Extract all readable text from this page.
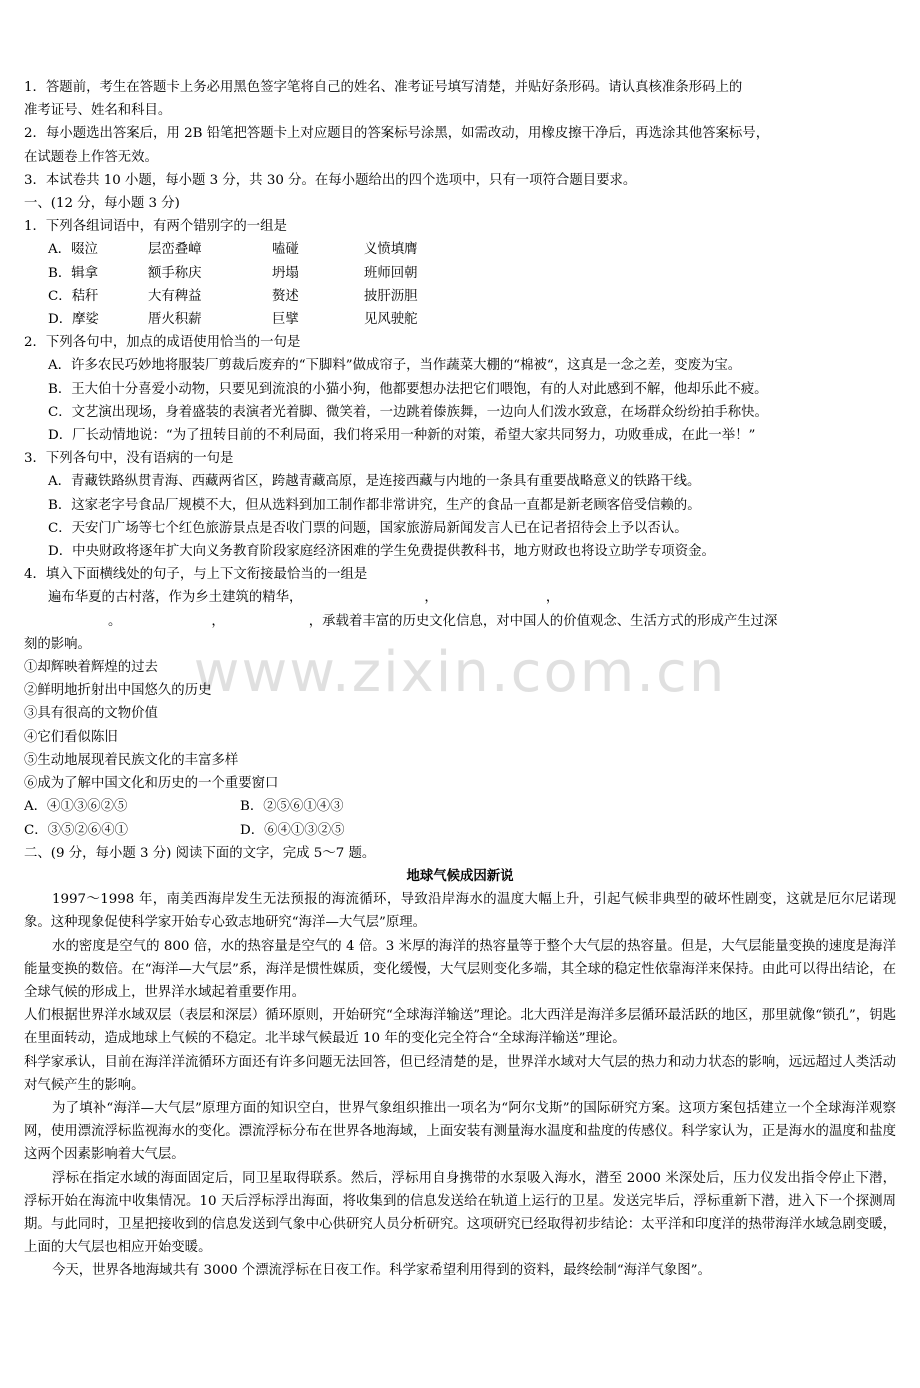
1．答题前，考生在答题卡上务必用黑色签字笔将自己的姓名、准考证号填写清楚，并贴好条形码。请认真核准条形码上的

准考证号、姓名和科目。

2．每小题选出答案后，用 2B 铅笔把答题卡上对应题目的答案标号涂黑，如需改动，用橡皮擦干净后，再选涂其他答案标号，

在试题卷上作答无效。

3．本试卷共 10 小题，每小题 3 分，共 30 分。在每小题给出的四个选项中，只有一项符合题目要求。

一、(12 分，每小题 3 分)

1．下列各组词语中，有两个错别字的一组是

A．啜泣	层峦叠嶂	嗑碰	义愤填膺
B．辑拿	额手称庆	坍塌	班师回朝
C．秸秆	大有稗益	赘述	披肝沥胆
D．摩娑	厝火积薪	巨擘	见风驶舵

2．下列各句中，加点的成语使用恰当的一句是

A．许多农民巧妙地将服装厂剪裁后废弃的“下脚料”做成帘子，当作蔬菜大棚的“棉被“，这真是一念之差，变废为宝。

B．王大伯十分喜爱小动物，只要见到流浪的小猫小狗，他都要想办法把它们喂饱，有的人对此感到不解，他却乐此不疲。

C．文艺演出现场，身着盛装的表演者光着脚、微笑着，一边跳着傣族舞，一边向人们泼水致意，在场群众纷纷拍手称快。

D．厂长动情地说：“为了扭转目前的不利局面，我们将采用一种新的对策，希望大家共同努力，功败垂成，在此一举！”

3．下列各句中，没有语病的一句是

A．青藏铁路纵贯青海、西藏两省区，跨越青藏高原，是连接西藏与内地的一条具有重要战略意义的铁路干线。

B．这家老字号食品厂规模不大，但从选料到加工制作都非常讲究，生产的食品一直都是新老顾客倍受信赖的。

C．天安门广场等七个红色旅游景点是否收门票的问题，国家旅游局新闻发言人已在记者招待会上予以否认。

D．中央财政将逐年扩大向义务教育阶段家庭经济困难的学生免费提供教科书，地方财政也将设立助学专项资金。

4．填入下面横线处的句子，与上下文衔接最恰当的一组是

遍布华夏的古村落，作为乡土建筑的精华，	，	，

。	，	，承载着丰富的历史文化信息，对中国人的价值观念、生活方式的形成产生过深

刻的影响。

①却辉映着辉煌的过去

②鲜明地折射出中国悠久的历史

③具有很高的文物价值

④它们看似陈旧

⑤生动地展现着民族文化的丰富多样

⑥成为了解中国文化和历史的一个重要窗口

A．④①③⑥②⑤	B．②⑤⑥①④③
C．③⑤②⑥④①	D．⑥④①③②⑤

二、(9 分，每小题 3 分) 阅读下面的文字，完成 5～7 题。

地球气候成因新说

1997～1998 年，南美西海岸发生无法预报的海流循环，导致沿岸海水的温度大幅上升，引起气候非典型的破坏性剧变，这就是厄尔尼诺现象。这种现象促使科学家开始专心致志地研究“海洋—大气层”原理。

水的密度是空气的 800 倍，水的热容量是空气的 4 倍。3 米厚的海洋的热容量等于整个大气层的热容量。但是，大气层能量变换的速度是海洋能量变换的数倍。在“海洋—大气层”系，海洋是惯性媒质，变化缓慢，大气层则变化多端，其全球的稳定性依靠海洋来保持。由此可以得出结论，在全球气候的形成上，世界洋水域起着重要作用。

人们根据世界洋水域双层（表层和深层）循环原则，开始研究“全球海洋输送”理论。北大西洋是海洋多层循环最活跃的地区，那里就像“锁孔”，钥匙在里面转动，造成地球上气候的不稳定。北半球气候最近 10 年的变化完全符合“全球海洋输送”理论。

科学家承认，目前在海洋洋流循环方面还有许多问题无法回答，但已经清楚的是，世界洋水域对大气层的热力和动力状态的影响，远远超过人类活动对气候产生的影响。

为了填补“海洋—大气层”原理方面的知识空白，世界气象组织推出一项名为“阿尔戈斯”的国际研究方案。这项方案包括建立一个全球海洋观察网，使用漂流浮标监视海水的变化。漂流浮标分布在世界各地海域，上面安装有测量海水温度和盐度的传感仪。科学家认为，正是海水的温度和盐度这两个因素影响着大气层。

浮标在指定水域的海面固定后，同卫星取得联系。然后，浮标用自身携带的水泵吸入海水，潜至 2000 米深处后，压力仪发出指令停止下潜，浮标开始在海流中收集情况。10 天后浮标浮出海面，将收集到的信息发送给在轨道上运行的卫星。发送完毕后，浮标重新下潜，进入下一个探测周期。与此同时，卫星把接收到的信息发送到气象中心供研究人员分析研究。这项研究已经取得初步结论：太平洋和印度洋的热带海洋水域急剧变暖，上面的大气层也相应开始变暖。

今天，世界各地海域共有 3000 个漂流浮标在日夜工作。科学家希望利用得到的资料，最终绘制“海洋气象图”。

www.zixin.com.cn
